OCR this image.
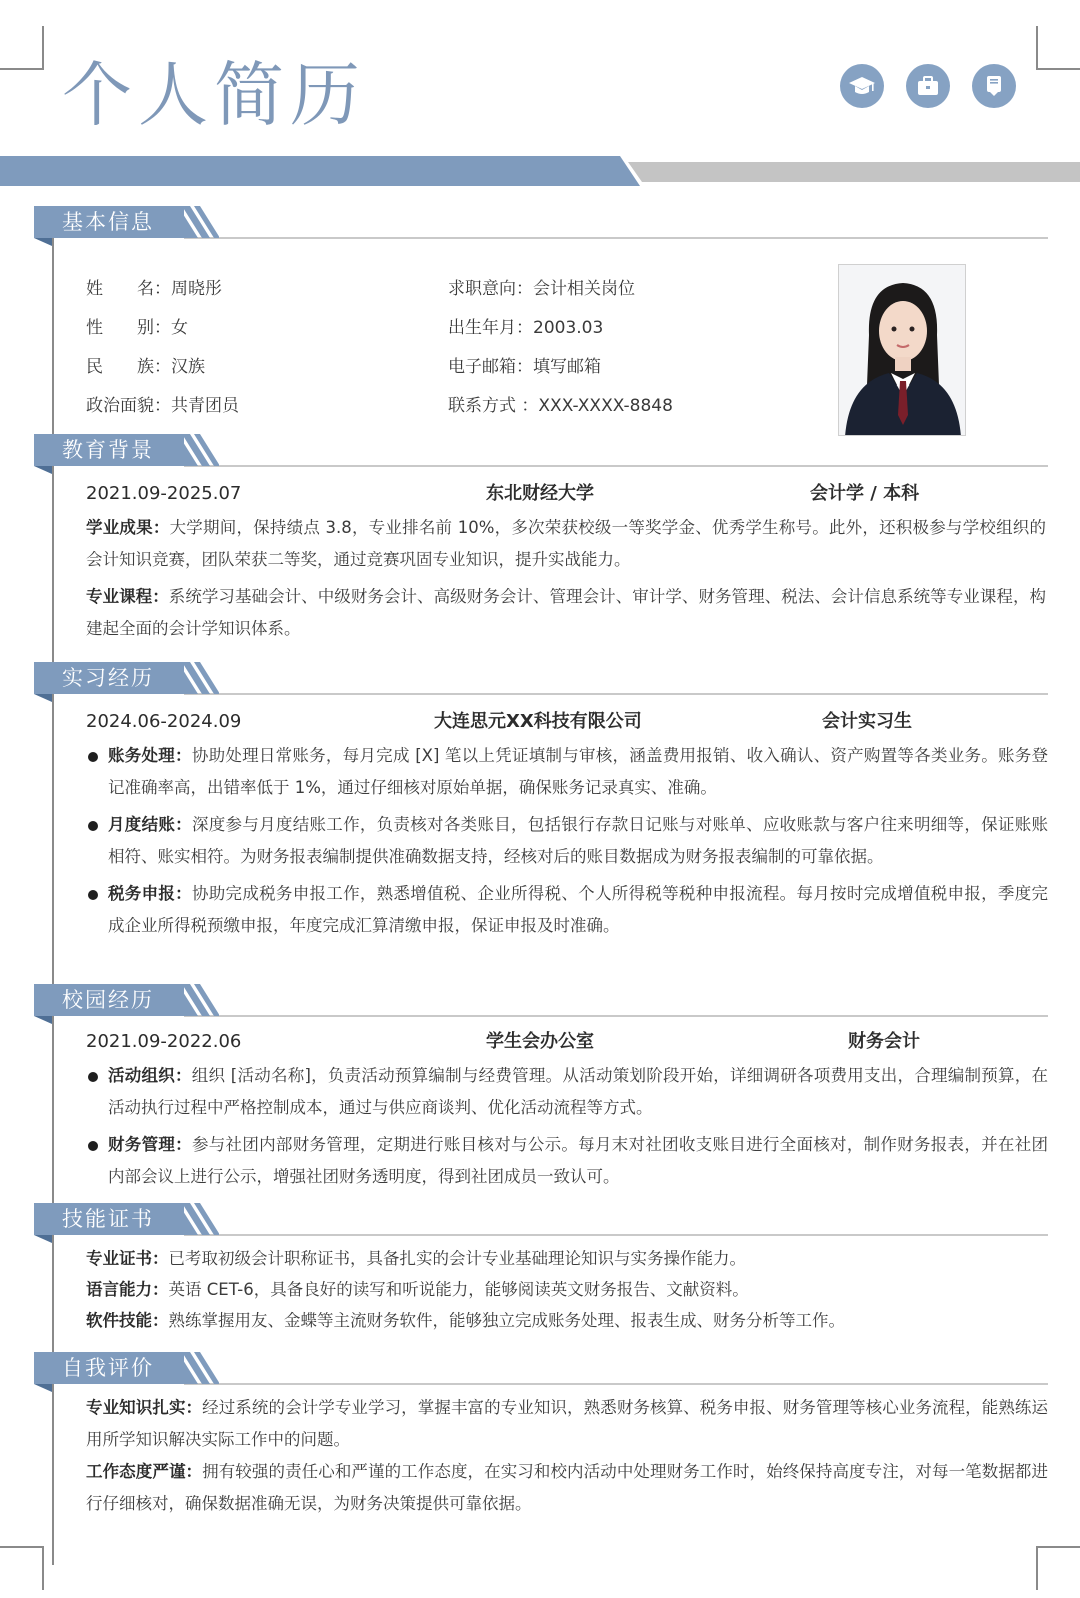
个人简历
基本信息
姓　　名：周晓彤
性　　别：女
民　　族：汉族
政治面貌：共青团员
求职意向：会计相关岗位
出生年月：2003.03
电子邮箱：填写邮箱
联系方式 ：XXX-XXXX-8848
教育背景
2021.09-2025.07	东北财经大学	会计学 / 本科
学业成果：大学期间，保持绩点 3.8，专业排名前 10%，多次荣获校级一等奖学金、优秀学生称号。此外，还积极参与学校组织的会计知识竞赛，团队荣获二等奖，通过竞赛巩固专业知识，提升实战能力。
专业课程：系统学习基础会计、中级财务会计、高级财务会计、管理会计、审计学、财务管理、税法、会计信息系统等专业课程，构建起全面的会计学知识体系。
实习经历
2024.06-2024.09	大连思元XX科技有限公司	会计实习生
账务处理：协助处理日常账务，每月完成 [X] 笔以上凭证填制与审核，涵盖费用报销、收入确认、资产购置等各类业务。账务登记准确率高，出错率低于 1%，通过仔细核对原始单据，确保账务记录真实、准确。
月度结账：深度参与月度结账工作，负责核对各类账目，包括银行存款日记账与对账单、应收账款与客户往来明细等，保证账账相符、账实相符。为财务报表编制提供准确数据支持，经核对后的账目数据成为财务报表编制的可靠依据。
税务申报：协助完成税务申报工作，熟悉增值税、企业所得税、个人所得税等税种申报流程。每月按时完成增值税申报，季度完成企业所得税预缴申报，年度完成汇算清缴申报，保证申报及时准确。
校园经历
2021.09-2022.06	学生会办公室	财务会计
活动组织：组织 [活动名称]，负责活动预算编制与经费管理。从活动策划阶段开始，详细调研各项费用支出，合理编制预算，在活动执行过程中严格控制成本，通过与供应商谈判、优化活动流程等方式。
财务管理：参与社团内部财务管理，定期进行账目核对与公示。每月末对社团收支账目进行全面核对，制作财务报表，并在社团内部会议上进行公示，增强社团财务透明度，得到社团成员一致认可。
技能证书
专业证书：已考取初级会计职称证书，具备扎实的会计专业基础理论知识与实务操作能力。
语言能力：英语 CET-6，具备良好的读写和听说能力，能够阅读英文财务报告、文献资料。
软件技能：熟练掌握用友、金蝶等主流财务软件，能够独立完成账务处理、报表生成、财务分析等工作。
自我评价
专业知识扎实：经过系统的会计学专业学习，掌握丰富的专业知识，熟悉财务核算、税务申报、财务管理等核心业务流程，能熟练运用所学知识解决实际工作中的问题。
工作态度严谨：拥有较强的责任心和严谨的工作态度，在实习和校内活动中处理财务工作时，始终保持高度专注，对每一笔数据都进行仔细核对，确保数据准确无误，为财务决策提供可靠依据。
